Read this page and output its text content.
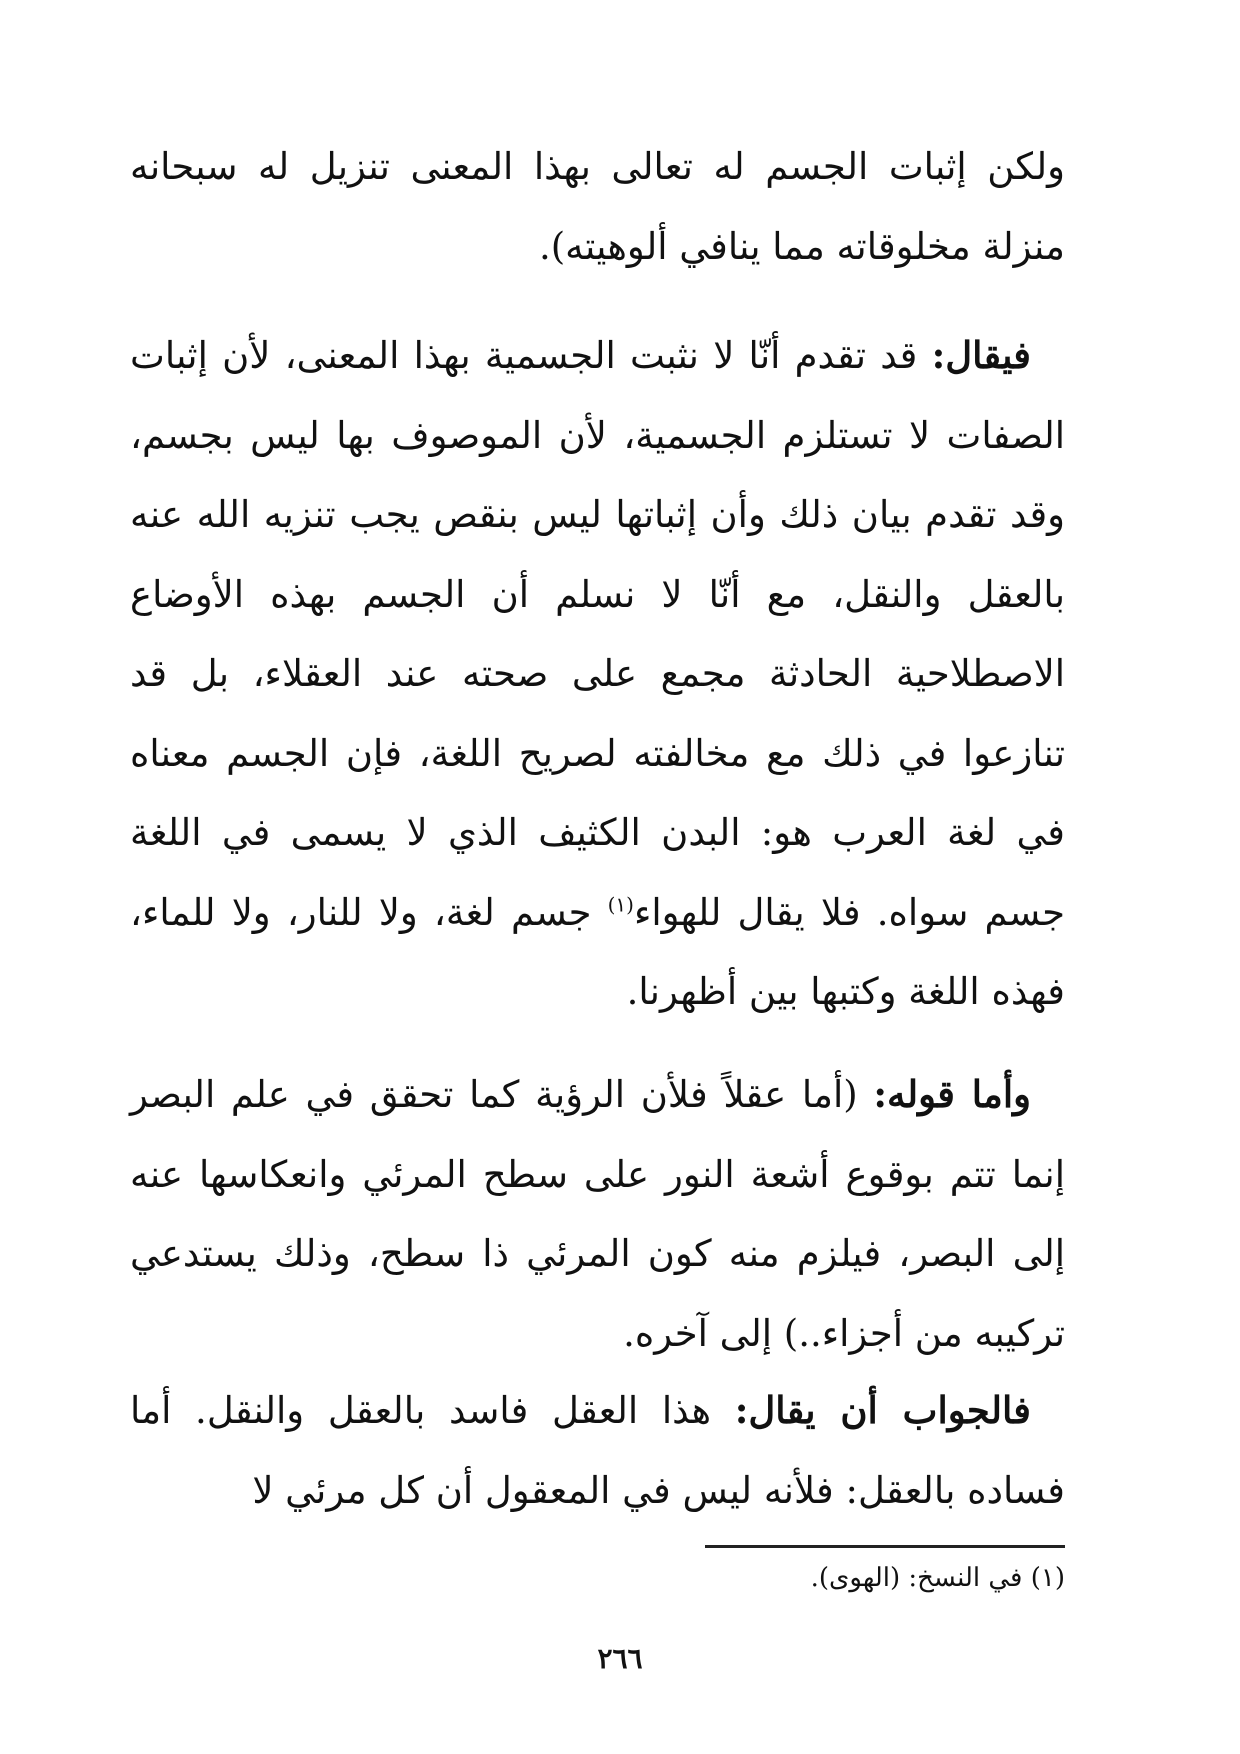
ولكن إثبات الجسم له تعالى بهذا المعنى تنزيل له سبحانه منزلة مخلوقاته مما ينافي ألوهيته).

فيقال: قد تقدم أنّا لا نثبت الجسمية بهذا المعنى، لأن إثبات الصفات لا تستلزم الجسمية، لأن الموصوف بها ليس بجسم، وقد تقدم بيان ذلك وأن إثباتها ليس بنقص يجب تنزيه الله عنه بالعقل والنقل، مع أنّا لا نسلم أن الجسم بهذه الأوضاع الاصطلاحية الحادثة مجمع على صحته عند العقلاء، بل قد تنازعوا في ذلك مع مخالفته لصريح اللغة، فإن الجسم معناه في لغة العرب هو: البدن الكثيف الذي لا يسمى في اللغة جسم سواه. فلا يقال للهواء$^{(١)}$ جسم لغة، ولا للنار، ولا للماء، فهذه اللغة وكتبها بين أظهرنا.

وأما قوله: (أما عقلاً فلأن الرؤية كما تحقق في علم البصر إنما تتم بوقوع أشعة النور على سطح المرئي وانعكاسها عنه إلى البصر، فيلزم منه كون المرئي ذا سطح، وذلك يستدعي تركيبه من أجزاء..) إلى آخره.

فالجواب أن يقال: هذا العقل فاسد بالعقل والنقل. أما فساده بالعقل: فلأنه ليس في المعقول أن كل مرئي لا

(١) في النسخ: (الهوى).
٢٦٦
